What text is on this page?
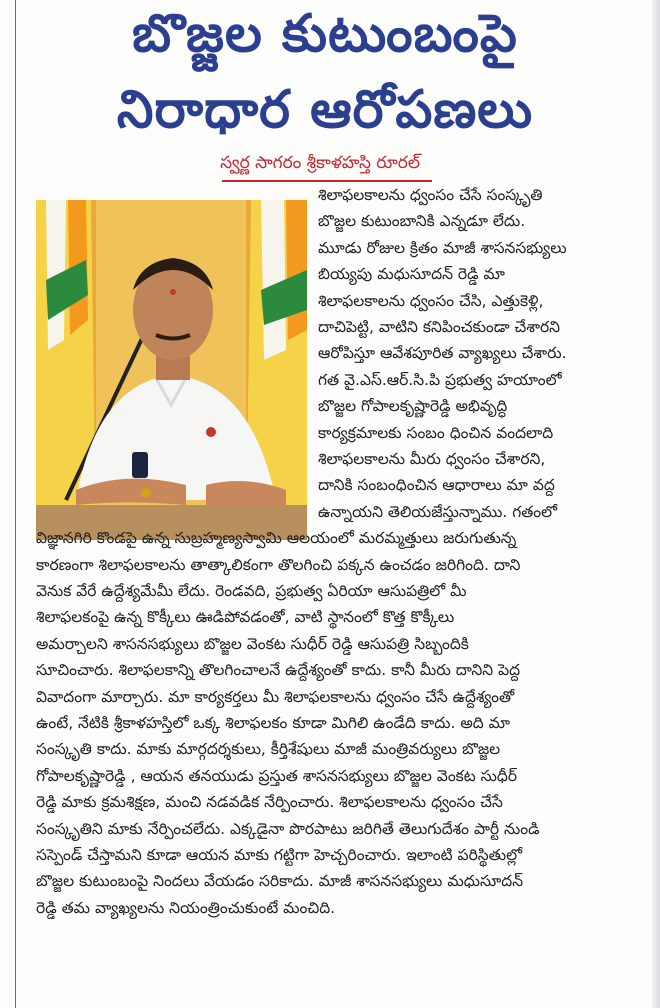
బొజ్జల కుటుంబంపై
నిరాధార ఆరోపణలు
స్వర్ణ సాగరం శ్రీకాళహస్తి రూరల్
శిలాఫలకాలను ధ్వంసం చేసే సంస్కృతి
బొజ్జల కుటుంబానికి ఎన్నడూ లేదు.
మూడు రోజుల క్రితం మాజీ శాసనసభ్యులు
బియ్యపు మధుసూదన్ రెడ్డి మా
శిలాఫలకాలను ధ్వంసం చేసి, ఎత్తుకెళ్లి,
దాచిపెట్టి, వాటిని కనిపించకుండా చేశారని
ఆరోపిస్తూ ఆవేశపూరిత వ్యాఖ్యలు చేశారు.
గత వై.ఎస్.ఆర్.సి.పి ప్రభుత్వ హయాంలో
బొజ్జల గోపాలకృష్ణారెడ్డి అభివృద్ధి
కార్యక్రమాలకు సంబం ధించిన వందలాది
శిలాఫలకాలను మీరు ధ్వంసం చేశారని,
దానికి సంబంధించిన ఆధారాలు మా వద్ద
ఉన్నాయని తెలియజేస్తున్నాము. గతంలో
విజ్ఞానగిరి కొండపై ఉన్న సుబ్రహ్మణ్యస్వామి ఆలయంలో మరమ్మత్తులు జరుగుతున్న
కారణంగా శిలాఫలకాలను తాత్కాలికంగా తొలగించి పక్కన ఉంచడం జరిగింది. దాని
వెనుక వేరే ఉద్దేశ్యమేమీ లేదు. రెండవది, ప్రభుత్వ ఏరియా ఆసుపత్రిలో మీ
శిలాఫలకంపై ఉన్న కొక్కీలు ఊడిపోవడంతో, వాటి స్థానంలో కొత్త కొక్కీలు
అమర్చాలని శాసనసభ్యులు బొజ్జల వెంకట సుధీర్ రెడ్డి ఆసుపత్రి సిబ్బందికి
సూచించారు. శిలాఫలకాన్ని తొలగించాలనే ఉద్దేశ్యంతో కాదు. కానీ మీరు దానిని పెద్ద
వివాదంగా మార్చారు. మా కార్యకర్తలు మీ శిలాఫలకాలను ధ్వంసం చేసే ఉద్దేశ్యంతో
ఉంటే, నేటికి శ్రీకాళహస్తిలో ఒక్క శిలాఫలకం కూడా మిగిలి ఉండేది కాదు. అది మా
సంస్కృతి కాదు. మాకు మార్గదర్శకులు, కీర్తిశేషులు మాజీ మంత్రివర్యులు బొజ్జల
గోపాలకృష్ణారెడ్డి , ఆయన తనయుడు ప్రస్తుత శాసనసభ్యులు బొజ్జల వెంకట సుధీర్
రెడ్డి మాకు క్రమశిక్షణ, మంచి నడవడిక నేర్పించారు. శిలాఫలకాలను ధ్వంసం చేసే
సంస్కృతిని మాకు నేర్పించలేదు. ఎక్కడైనా పొరపాటు జరిగితే తెలుగుదేశం పార్టీ నుండి
సస్పెండ్ చేస్తామని కూడా ఆయన మాకు గట్టిగా హెచ్చరించారు. ఇలాంటి పరిస్థితుల్లో
బొజ్జల కుటుంబంపై నిందలు వేయడం సరికాదు. మాజీ శాసనసభ్యులు మధుసూదన్
రెడ్డి తమ వ్యాఖ్యలను నియంత్రించుకుంటే మంచిది.
